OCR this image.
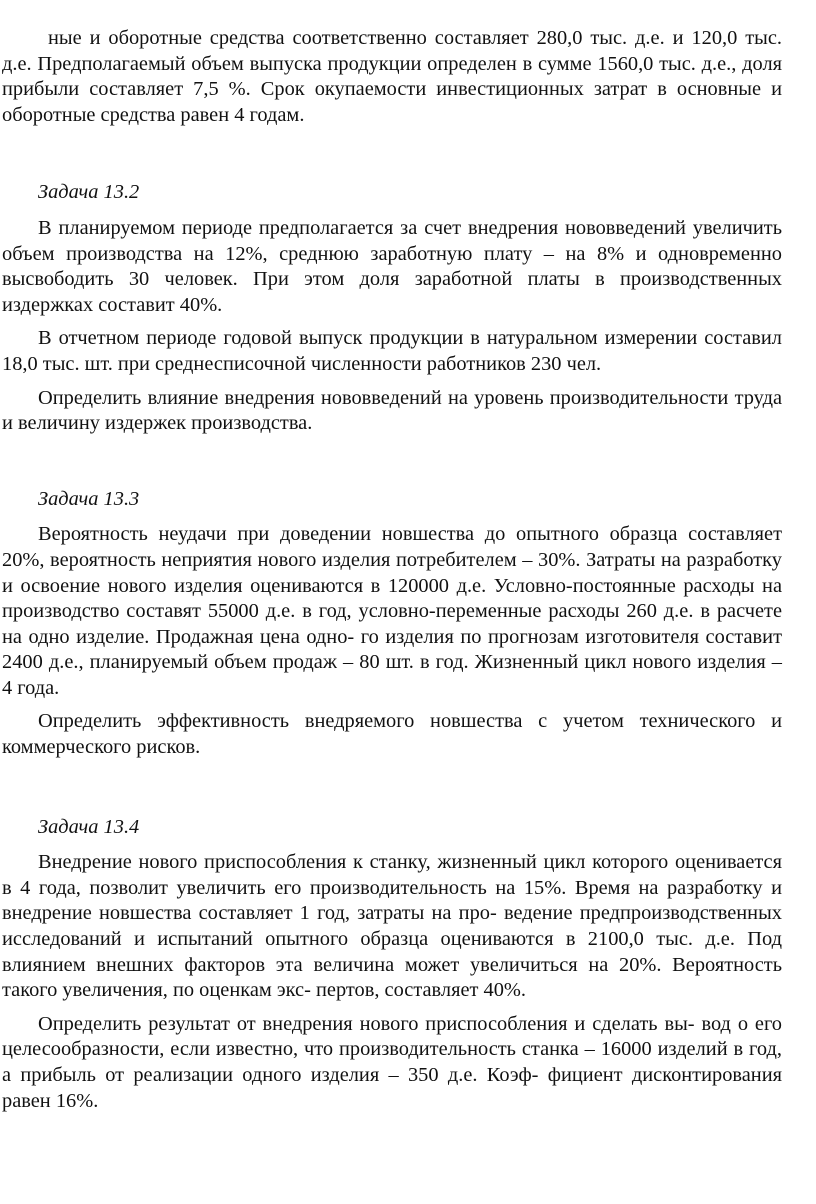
ные и оборотные средства соответственно составляет 280,0 тыс. д.е. и 120,0 тыс. д.е. Предполагаемый объем выпуска продукции определен в сумме 1560,0 тыс. д.е., доля прибыли составляет 7,5 %. Срок окупаемости инвестиционных затрат в основные и оборотные средства равен 4 годам.

Задача 13.2

В планируемом периоде предполагается за счет внедрения нововведений увеличить объем производства на 12%, среднюю заработную плату – на 8% и одновременно высвободить 30 человек. При этом доля заработной платы в производственных издержках составит 40%.

В отчетном периоде годовой выпуск продукции в натуральном измерении составил 18,0 тыс. шт. при среднесписочной численности работников 230 чел.

Определить влияние внедрения нововведений на уровень производительности труда и величину издержек производства.

Задача 13.3

Вероятность неудачи при доведении новшества до опытного образца составляет 20%, вероятность неприятия нового изделия потребителем – 30%. Затраты на разработку и освоение нового изделия оцениваются в 120000 д.е. Условно-постоянные расходы на производство составят 55000 д.е. в год, условно-переменные расходы 260 д.е. в расчете на одно изделие. Продажная цена одно- го изделия по прогнозам изготовителя составит 2400 д.е., планируемый объем продаж – 80 шт. в год. Жизненный цикл нового изделия – 4 года.

Определить эффективность внедряемого новшества с учетом технического и коммерческого рисков.

Задача 13.4

Внедрение нового приспособления к станку, жизненный цикл которого оценивается в 4 года, позволит увеличить его производительность на 15%. Время на разработку и внедрение новшества составляет 1 год, затраты на про- ведение предпроизводственных исследований и испытаний опытного образца оцениваются в 2100,0 тыс. д.е. Под влиянием внешних факторов эта величина может увеличиться на 20%. Вероятность такого увеличения, по оценкам экс- пертов, составляет 40%.

Определить результат от внедрения нового приспособления и сделать вы- вод о его целесообразности, если известно, что производительность станка – 16000 изделий в год, а прибыль от реализации одного изделия – 350 д.е. Коэф- фициент дисконтирования равен 16%.
